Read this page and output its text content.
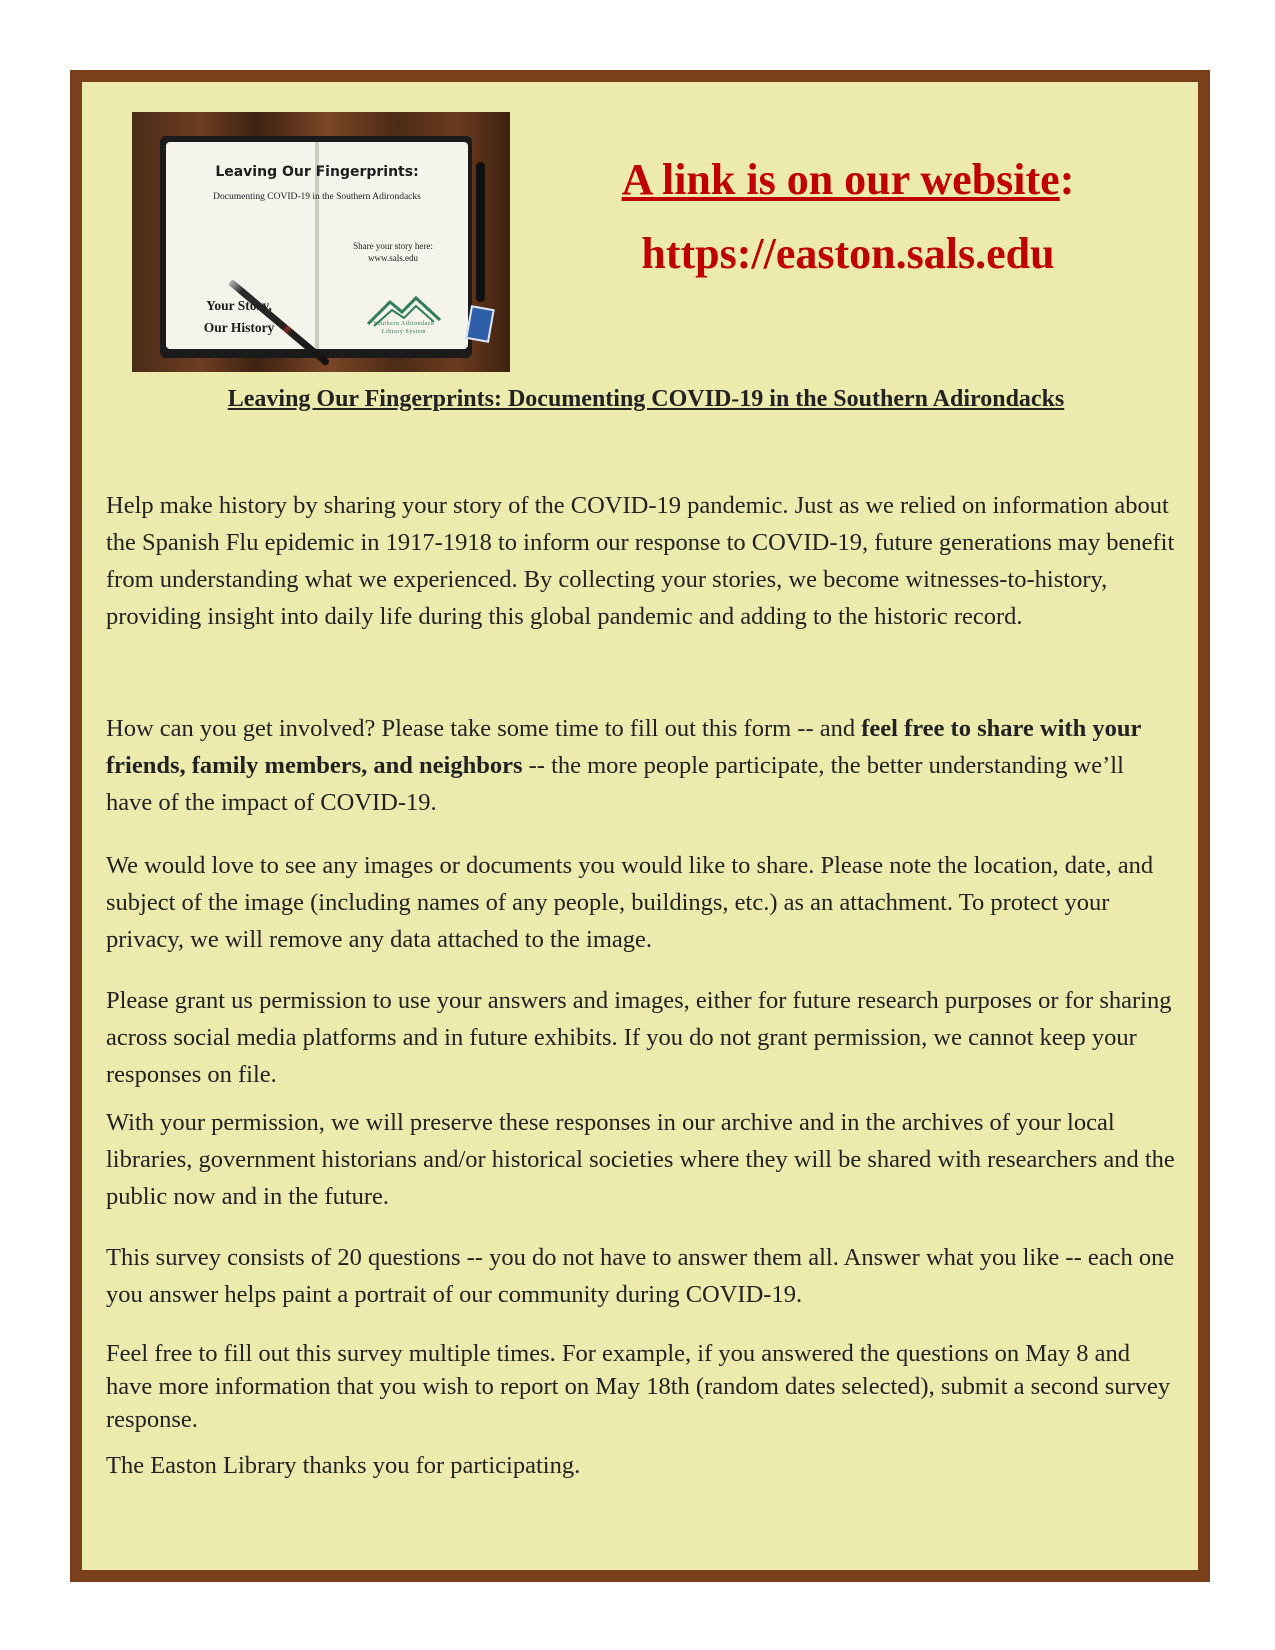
Leaving Our Fingerprints:
Documenting COVID-19 in the Southern Adirondacks
Share your story here:
www.sals.edu
Your Story,
Our History	Southern Adirondack
Library System
A link is on our website:
https://easton.sals.edu
Leaving Our Fingerprints: Documenting COVID-19 in the Southern Adirondacks

Help make history by sharing your story of the COVID-19 pandemic. Just as we relied on information about the Spanish Flu epidemic in 1917-1918 to inform our response to COVID-19, future generations may benefit from understanding what we experienced. By collecting your stories, we become witnesses-to-history, providing insight into daily life during this global pandemic and adding to the historic record.

How can you get involved? Please take some time to fill out this form -- and feel free to share with your friends, family members, and neighbors -- the more people participate, the better understanding we’ll have of the impact of COVID-19.

We would love to see any images or documents you would like to share. Please note the location, date, and subject of the image (including names of any people, buildings, etc.) as an attachment. To protect your privacy, we will remove any data attached to the image.

Please grant us permission to use your answers and images, either for future research purposes or for sharing across social media platforms and in future exhibits. If you do not grant permission, we cannot keep your responses on file.

With your permission, we will preserve these responses in our archive and in the archives of your local libraries, government historians and/or historical societies where they will be shared with researchers and the public now and in the future.

This survey consists of 20 questions -- you do not have to answer them all. Answer what you like -- each one you answer helps paint a portrait of our community during COVID-19.

Feel free to fill out this survey multiple times. For example, if you answered the questions on May 8 and have more information that you wish to report on May 18th (random dates selected), submit a second survey response.

The Easton Library thanks you for participating.
